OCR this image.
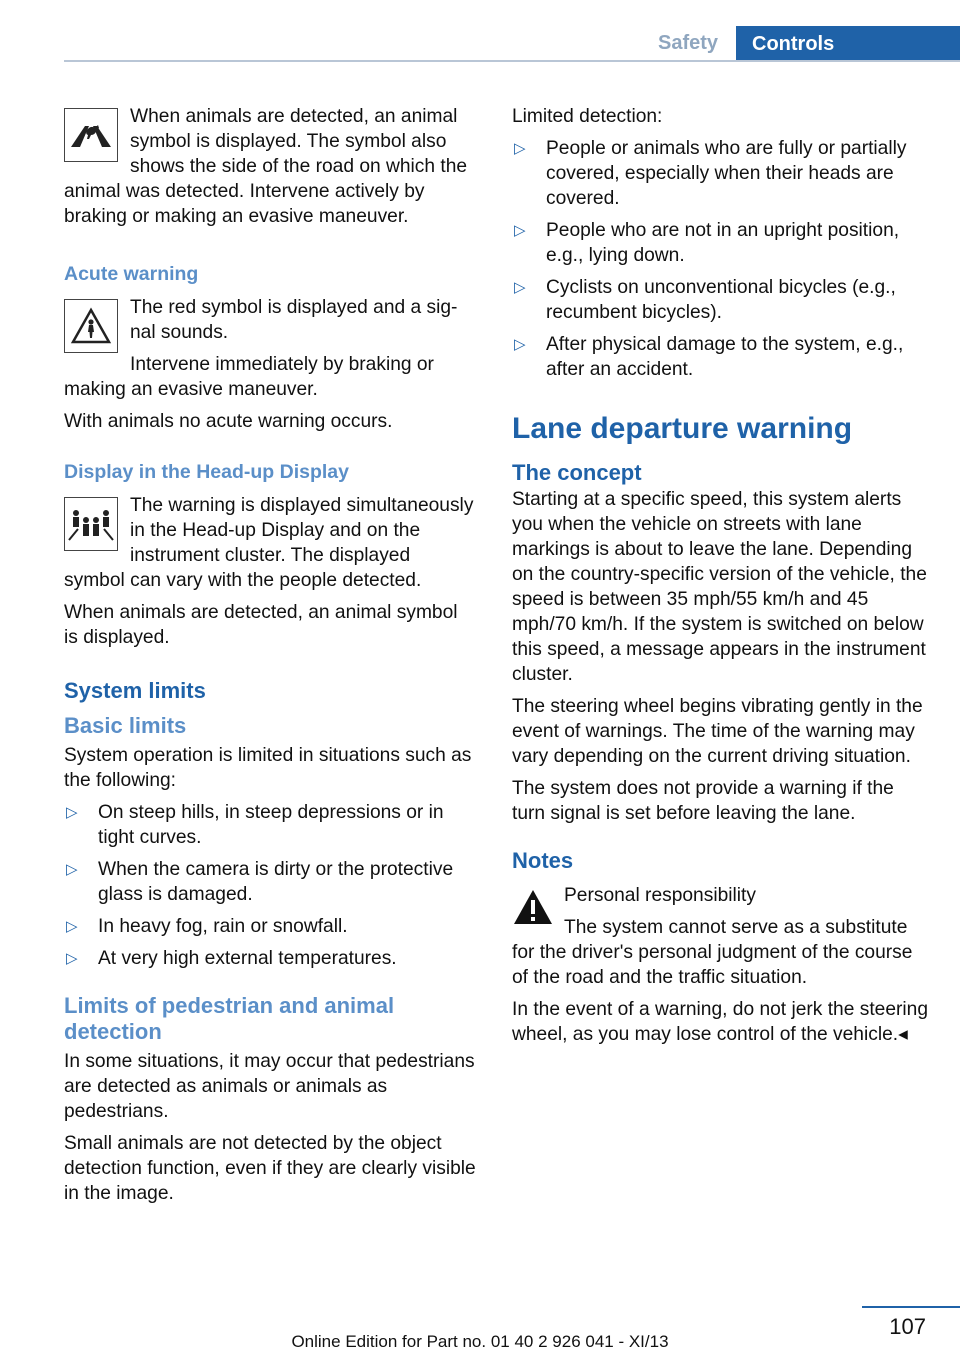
Safety	Controls

When animals are detected, an animal symbol is displayed. The symbol also shows the side of the road on which the animal was detected. Intervene actively by braking or making an evasive maneuver.

Acute warning

The red symbol is displayed and a signal sounds.

Intervene immediately by braking or making an evasive maneuver.

With animals no acute warning occurs.

Display in the Head-up Display

The warning is displayed simultaneously in the Head-up Display and on the instrument cluster. The displayed symbol can vary with the people detected.

When animals are detected, an animal symbol is displayed.

System limits
Basic limits

System operation is limited in situations such as the following:

▷ On steep hills, in steep depressions or in tight curves.
▷ When the camera is dirty or the protective glass is damaged.
▷ In heavy fog, rain or snowfall.
▷ At very high external temperatures.
Limits of pedestrian and animal detection

In some situations, it may occur that pedestrians are detected as animals or animals as pedestrians.

Small animals are not detected by the object detection function, even if they are clearly visible in the image.

Limited detection:

▷ People or animals who are fully or partially covered, especially when their heads are covered.
▷ People who are not in an upright position, e.g., lying down.
▷ Cyclists on unconventional bicycles (e.g., recumbent bicycles).
▷ After physical damage to the system, e.g., after an accident.
Lane departure warning
The concept

Starting at a specific speed, this system alerts you when the vehicle on streets with lane markings is about to leave the lane. Depending on the country-specific version of the vehicle, the speed is between 35 mph/55 km/h and 45 mph/70 km/h. If the system is switched on below this speed, a message appears in the instrument cluster.

The steering wheel begins vibrating gently in the event of warnings. The time of the warning may vary depending on the current driving situation.

The system does not provide a warning if the turn signal is set before leaving the lane.

Notes

Personal responsibility

The system cannot serve as a substitute for the driver's personal judgment of the course of the road and the traffic situation.

In the event of a warning, do not jerk the steering wheel, as you may lose control of the vehicle.◂

107
Online Edition for Part no. 01 40 2 926 041 - XI/13
